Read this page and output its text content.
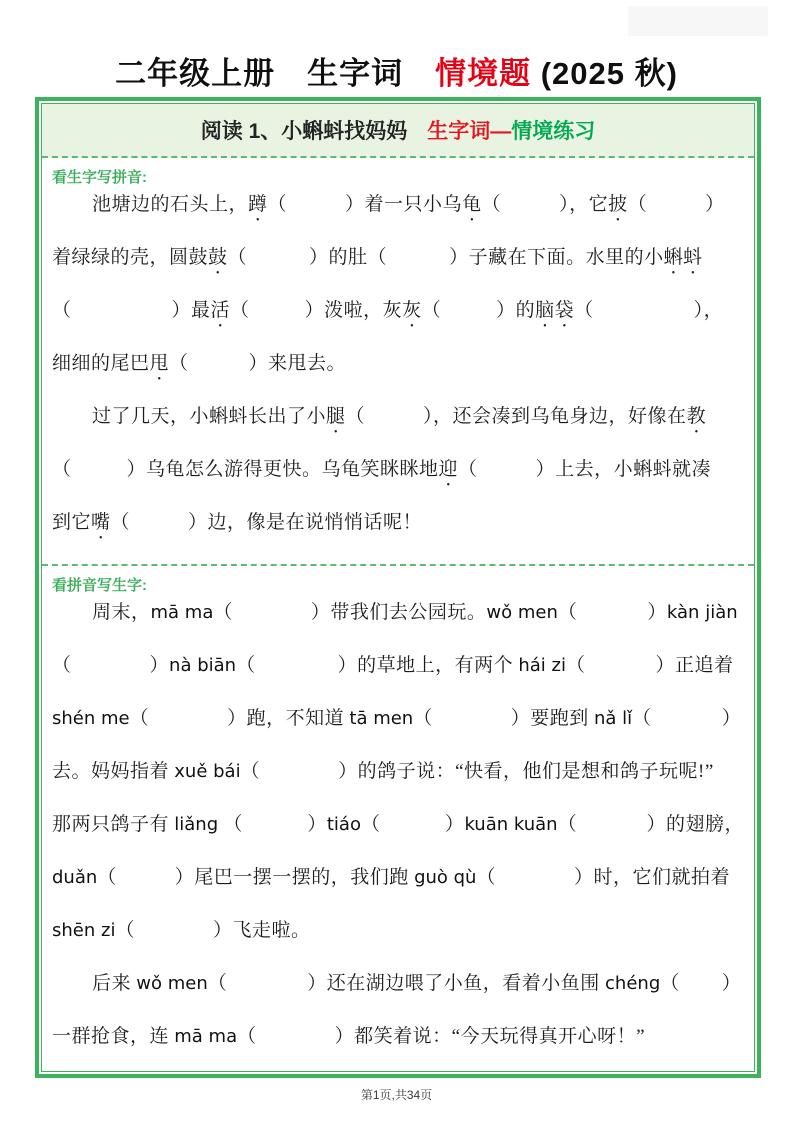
二年级上册　生字词　情境题 (2025 秋)
阅读 1、小蝌蚪找妈妈 生字词—情境练习
看生字写拼音:
池塘边的石头上， 蹲 （	）着一只小乌 龟 （	），它 披 （	）
着绿绿的壳，圆鼓 鼓 （	）的肚（	）子藏在下面。水里的小 蝌蚪
（	）最 活 （	）泼啦，灰 灰 （	）的 脑袋 （	），
细细的尾巴 甩 （	）来甩去。
过了几天，小蝌蚪长出了小 腿 （	），还会凑到乌龟身边，好像在 教
（	）乌龟怎么游得更快。乌龟笑眯眯地 迎 （	）上去，小蝌蚪就凑
到它 嘴 （	）边，像是在说悄悄话呢！
看拼音写生字:
周末， mā ma （	）带我们去公园玩。 wǒ men （	） kàn jiàn
（	） nà biān （	）的草地上，有两个 hái zi （	）正追着
shén me （	）跑，不知道 tā men （	）要跑到 nǎ lǐ （	）
去。妈妈指着 xuě bái （	）的鸽子说：“快看，他们是想和鸽子玩呢!”
那两只鸽子有 liǎng （	） tiáo （	） kuān kuān （	）的翅膀，
duǎn （	）尾巴一摆一摆的，我们跑 guò qù （	）时，它们就拍着
shēn zi （	）飞走啦。
后来 wǒ men （	）还在湖边喂了小鱼，看着小鱼围 chéng （ ）
一群抢食，连 mā ma （	）都笑着说：“今天玩得真开心呀！”
第1页,共34页
